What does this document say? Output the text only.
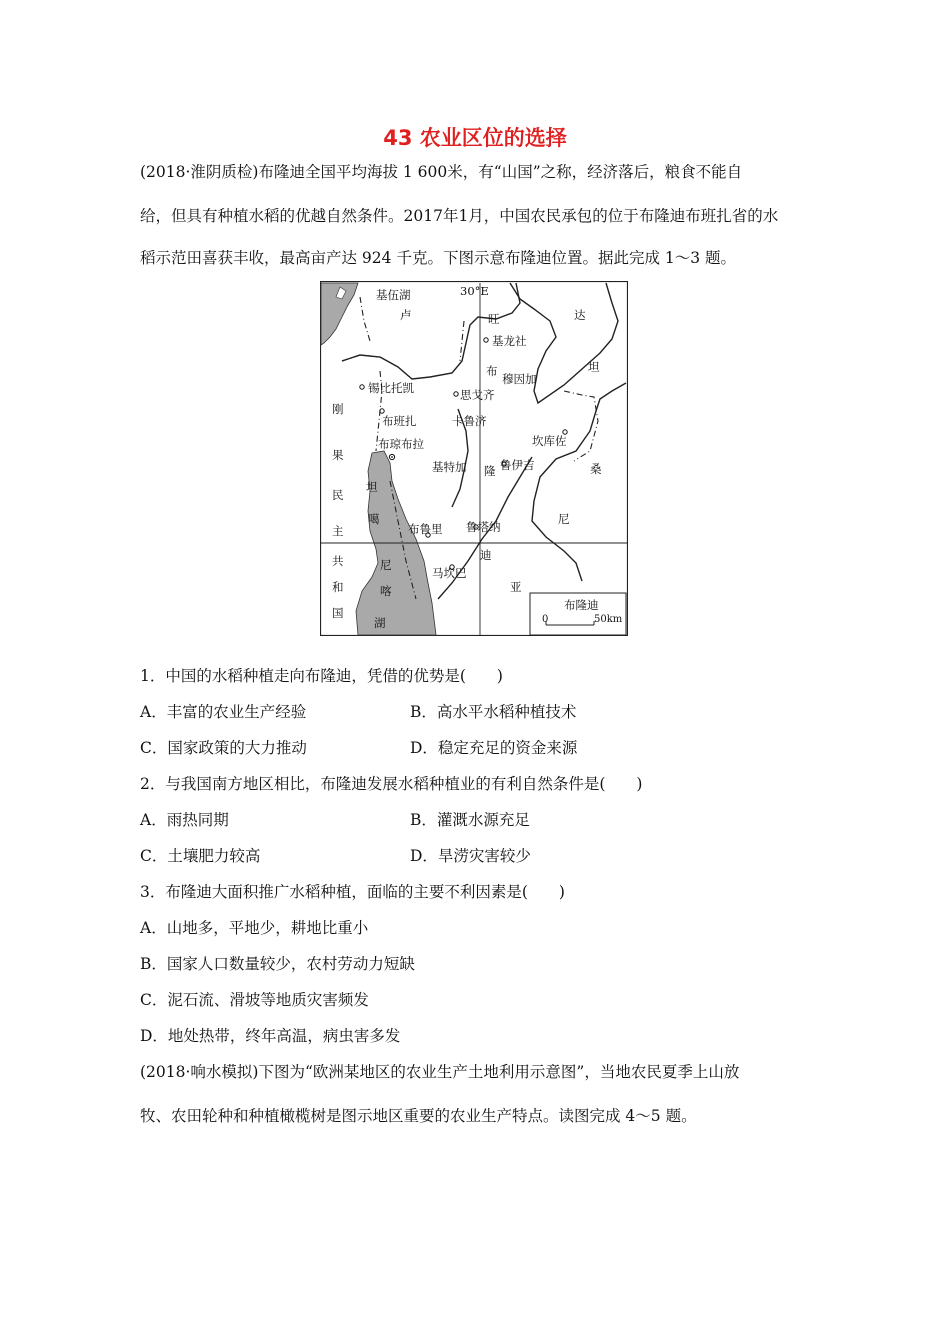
43 农业区位的选择
(2018·淮阴质检)布隆迪全国平均海拔 1 600米，有“山国”之称，经济落后，粮食不能自
给，但具有种植水稻的优越自然条件。2017年1月，中国农民承包的位于布隆迪布班扎省的水
稻示范田喜获丰收，最高亩产达 924 千克。下图示意布隆迪位置。据此完成 1～3 题。
基伍湖
卢
30°E
旺	达
坦
基龙社
布
穆因加
锡比托凯	思戈齐
刚
布班扎	卡鲁济
坎库佐
布琼布拉
果
桑
隆 鲁伊吉
基特加
民
坦
噶	尼
主	布鲁里 鲁塔纳
迪
共
马坎巴
和
尼
喀	亚
国
湖
布隆迪
0	50km
1．中国的水稻种植走向布隆迪，凭借的优势是(　　)
A．丰富的农业生产经验	B．高水平水稻种植技术
C．国家政策的大力推动	D．稳定充足的资金来源
2．与我国南方地区相比，布隆迪发展水稻种植业的有利自然条件是(　　)
A．雨热同期	B．灌溉水源充足
C．土壤肥力较高	D．旱涝灾害较少
3．布隆迪大面积推广水稻种植，面临的主要不利因素是(　　)
A．山地多，平地少，耕地比重小
B．国家人口数量较少，农村劳动力短缺
C．泥石流、滑坡等地质灾害频发
D．地处热带，终年高温，病虫害多发
(2018·响水模拟)下图为“欧洲某地区的农业生产土地利用示意图”，当地农民夏季上山放
牧、农田轮种和种植橄榄树是图示地区重要的农业生产特点。读图完成 4～5 题。
